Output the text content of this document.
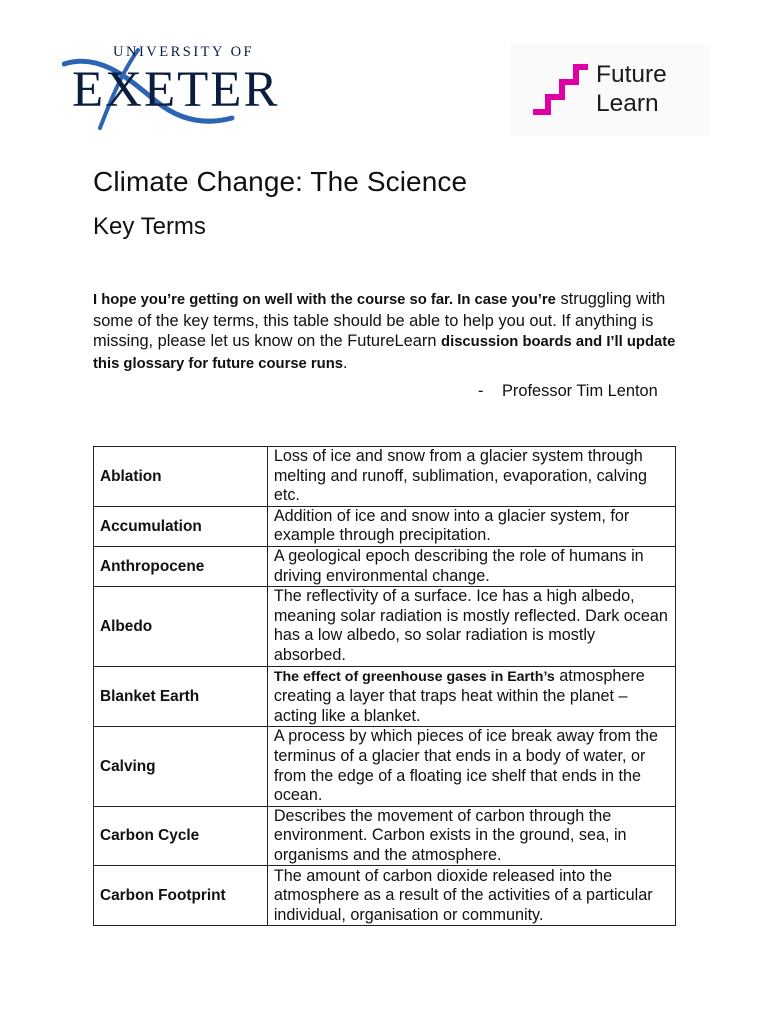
UNIVERSITY OF
EXETER	Future
Learn
Climate Change: The Science
Key Terms
I hope you’re getting on well with the course so far. In case you’re struggling with some of the key terms, this table should be able to help you out. If anything is missing, please let us know on the FutureLearn discussion boards and I’ll update this glossary for future course runs.
- Professor Tim Lenton
Ablation	Loss of ice and snow from a glacier system through melting and runoff, sublimation, evaporation, calving etc.
Accumulation	Addition of ice and snow into a glacier system, for example through precipitation.
Anthropocene	A geological epoch describing the role of humans in driving environmental change.
Albedo	The reflectivity of a surface. Ice has a high albedo, meaning solar radiation is mostly reflected. Dark ocean has a low albedo, so solar radiation is mostly absorbed.
Blanket Earth	The effect of greenhouse gases in Earth’s atmosphere creating a layer that traps heat within the planet – acting like a blanket.
Calving	A process by which pieces of ice break away from the terminus of a glacier that ends in a body of water, or from the edge of a floating ice shelf that ends in the ocean.
Carbon Cycle	Describes the movement of carbon through the environment. Carbon exists in the ground, sea, in organisms and the atmosphere.
Carbon Footprint	The amount of carbon dioxide released into the atmosphere as a result of the activities of a particular individual, organisation or community.
